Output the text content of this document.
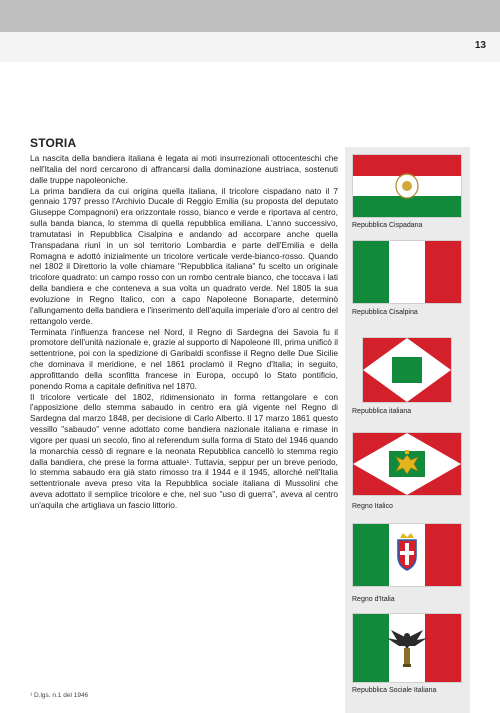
13
STORIA

La nascita della bandiera italiana è legata ai moti insurrezionali ottocenteschi che nell'Italia del nord cercarono di affrancarsi dalla dominazione austriaca, sostenuti dalle truppe napoleoniche.

La prima bandiera da cui origina quella italiana, il tricolore cispadano nato il 7 gennaio 1797 presso l'Archivio Ducale di Reggio Emilia (su proposta del deputato Giuseppe Compagnoni) era orizzontale rosso, bianco e verde e riportava al centro, sulla banda bianca, lo stemma di quella repubblica emiliana. L'anno successivo, tramutatasi in Repubblica Cisalpina e andando ad accorpare anche quella Transpadana riunì in un sol territorio Lombardia e parte dell'Emilia e della Romagna e adottò inizialmente un tricolore verticale verde-bianco-rosso. Quando nel 1802 il Direttorio la volle chiamare "Repubblica italiana" fu scelto un originale tricolore quadrato: un campo rosso con un rombo centrale bianco, che toccava i lati della bandiera e che conteneva a sua volta un quadrato verde. Nel 1805 la sua evoluzione in Regno Italico, con a capo Napoleone Bonaparte, determinò l'allungamento della bandiera e l'inserimento dell'aquila imperiale d'oro al centro del rettangolo verde.

Terminata l'influenza francese nel Nord, il Regno di Sardegna dei Savoia fu il promotore dell'unità nazionale e, grazie al supporto di Napoleone III, prima unificò il settentrione, poi con la spedizione di Garibaldi sconfisse il Regno delle Due Sicilie che dominava il meridione, e nel 1861 proclamò il Regno d'Italia; in seguito, approfittando della sconfitta francese in Europa, occupò lo Stato pontificio, ponendo Roma a capitale definitiva nel 1870.

Il tricolore verticale del 1802, ridimensionato in forma rettangolare e con l'apposizione dello stemma sabaudo in centro era già vigente nel Regno di Sardegna dal marzo 1848, per decisione di Carlo Alberto. Il 17 marzo 1861 questo vessillo "sabaudo" venne adottato come bandiera nazionale italiana e rimase in vigore per quasi un secolo, fino al referendum sulla forma di Stato del 1946 quando la monarchia cessò di regnare e la neonata Repubblica cancellò lo stemma regio dalla bandiera, che prese la forma attuale¹. Tuttavia, seppur per un breve periodo, lo stemma sabaudo era già stato rimosso tra il 1944 e il 1945, allorché nell'Italia settentrionale aveva preso vita la Repubblica sociale italiana di Mussolini che aveva adottato il semplice tricolore e che, nel suo "uso di guerra", aveva al centro un'aquila che artigliava un fascio littorio.

¹ D.lgs. n.1 del 1946
Repubblica Cispadana
Repubblica Cisalpina
Repubblica italiana
Regno Italico
Regno d'Italia
Repubblica Sociale Italiana
